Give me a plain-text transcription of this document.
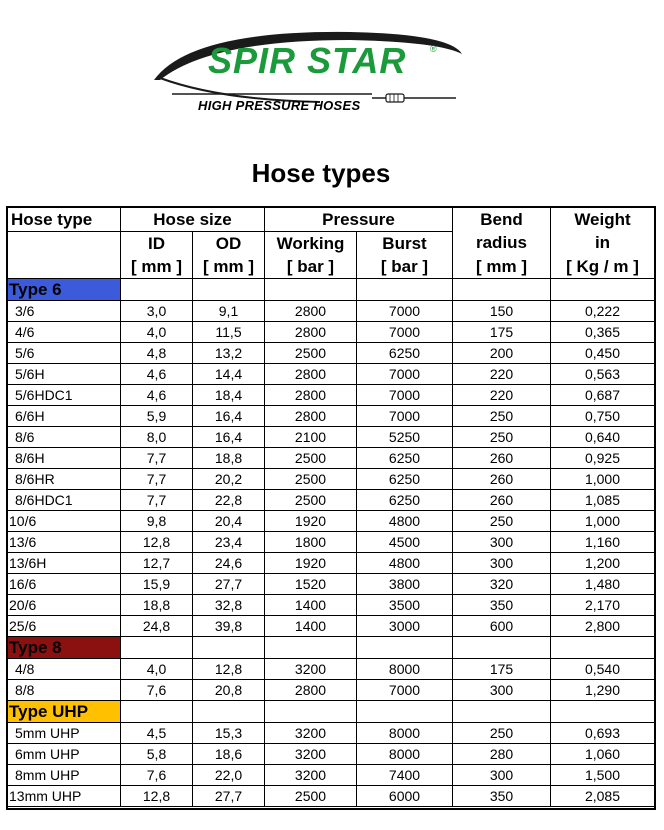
SPIR STAR	®
HIGH PRESSURE HOSES
Hose types
Hose type	Hose size		Pressure		Bend	Weight
	ID	OD	Working	Burst	radius	in
	[ mm ]	[ mm ]	[ bar ]	[ bar ]	[ mm ]	[ Kg / m ]
Type 6						
3/6	3,0	9,1	2800	7000	150	0,222
4/6	4,0	11,5	2800	7000	175	0,365
5/6	4,8	13,2	2500	6250	200	0,450
5/6H	4,6	14,4	2800	7000	220	0,563
5/6HDC1	4,6	18,4	2800	7000	220	0,687
6/6H	5,9	16,4	2800	7000	250	0,750
8/6	8,0	16,4	2100	5250	250	0,640
8/6H	7,7	18,8	2500	6250	260	0,925
8/6HR	7,7	20,2	2500	6250	260	1,000
8/6HDC1	7,7	22,8	2500	6250	260	1,085
10/6	9,8	20,4	1920	4800	250	1,000
13/6	12,8	23,4	1800	4500	300	1,160
13/6H	12,7	24,6	1920	4800	300	1,200
16/6	15,9	27,7	1520	3800	320	1,480
20/6	18,8	32,8	1400	3500	350	2,170
25/6	24,8	39,8	1400	3000	600	2,800
Type 8						
4/8	4,0	12,8	3200	8000	175	0,540
8/8	7,6	20,8	2800	7000	300	1,290
Type UHP						
5mm UHP	4,5	15,3	3200	8000	250	0,693
6mm UHP	5,8	18,6	3200	8000	280	1,060
8mm UHP	7,6	22,0	3200	7400	300	1,500
13mm UHP	12,8	27,7	2500	6000	350	2,085
